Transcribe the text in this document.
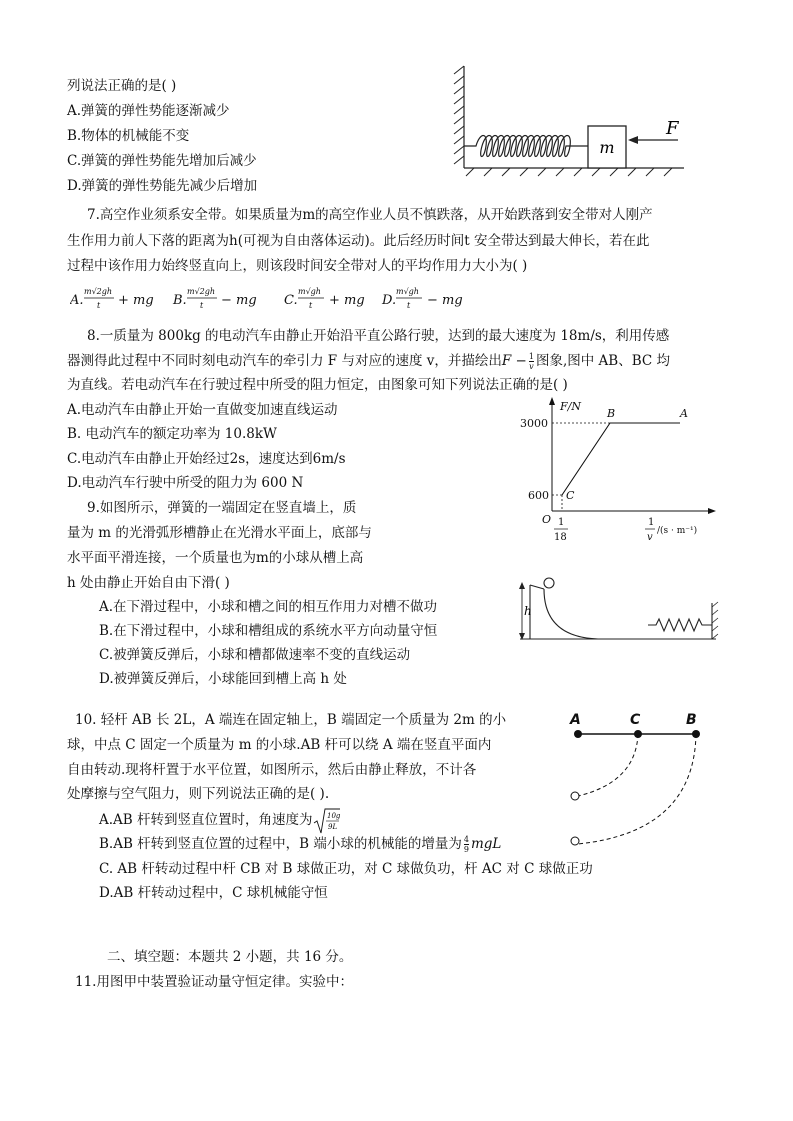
列说法正确的是( )
A.弹簧的弹性势能逐渐减少
B.物体的机械能不变
C.弹簧的弹性势能先增加后减少
D.弹簧的弹性势能先减少后增加
m
F
7.高空作业须系安全带。如果质量为m的高空作业人员不慎跌落，从开始跌落到安全带对人刚产
生作用力前人下落的距离为h(可视为自由落体运动)。此后经历时间t 安全带达到最大伸长，若在此
过程中该作用力始终竖直向上，则该段时间安全带对人的平均作用力大小为( )
A.
m√2gh
t + mg B.
m√2gh
t − mg C.
m√gh
t + mg D.
m√gh
t − mg
8.一质量为 800kg 的电动汽车由静止开始沿平直公路行驶，达到的最大速度为 18m/s，利用传感
器测得此过程中不同时刻电动汽车的牵引力 F 与对应的速度 v，并描绘出$F - \frac{1}{v}$ 图象,图中 AB、BC 均
为直线。若电动汽车在行驶过程中所受的阻力恒定，由图象可知下列说法正确的是( )
A.电动汽车由静止开始一直做变加速直线运动
B. 电动汽车的额定功率为 10.8kW
C.电动汽车由静止开始经过2s，速度达到6m/s
D.电动汽车行驶中所受的阻力为 600 N
F/N
3000
600
O
A
B
C
1
18
1
v
/(s · m⁻¹)
9.如图所示，弹簧的一端固定在竖直墙上，质
量为 m 的光滑弧形槽静止在光滑水平面上，底部与
水平面平滑连接，一个质量也为m的小球从槽上高
h 处由静止开始自由下滑( )
A.在下滑过程中，小球和槽之间的相互作用力对槽不做功
B.在下滑过程中，小球和槽组成的系统水平方向动量守恒
C.被弹簧反弹后，小球和槽都做速率不变的直线运动
D.被弹簧反弹后，小球能回到槽上高 h 处
h
10. 轻杆 AB 长 2L，A 端连在固定轴上，B 端固定一个质量为 2m 的小
球，中点 C 固定一个质量为 m 的小球.AB 杆可以绕 A 端在竖直平面内
自由转动.现将杆置于水平位置，如图所示，然后由静止释放，不计各
处摩擦与空气阻力，则下列说法正确的是( ).
A.AB 杆转到竖直位置时，角速度为 10g
9L
B.AB 杆转到竖直位置的过程中，B 端小球的机械能的增量为 $\frac{4}{9}$ mgL
C. AB 杆转动过程中杆 CB 对 B 球做正功，对 C 球做负功，杆 AC 对 C 球做正功
D.AB 杆转动过程中，C 球机械能守恒
A	C	B
二、填空题：本题共 2 小题，共 16 分。
11.用图甲中装置验证动量守恒定律。实验中：
